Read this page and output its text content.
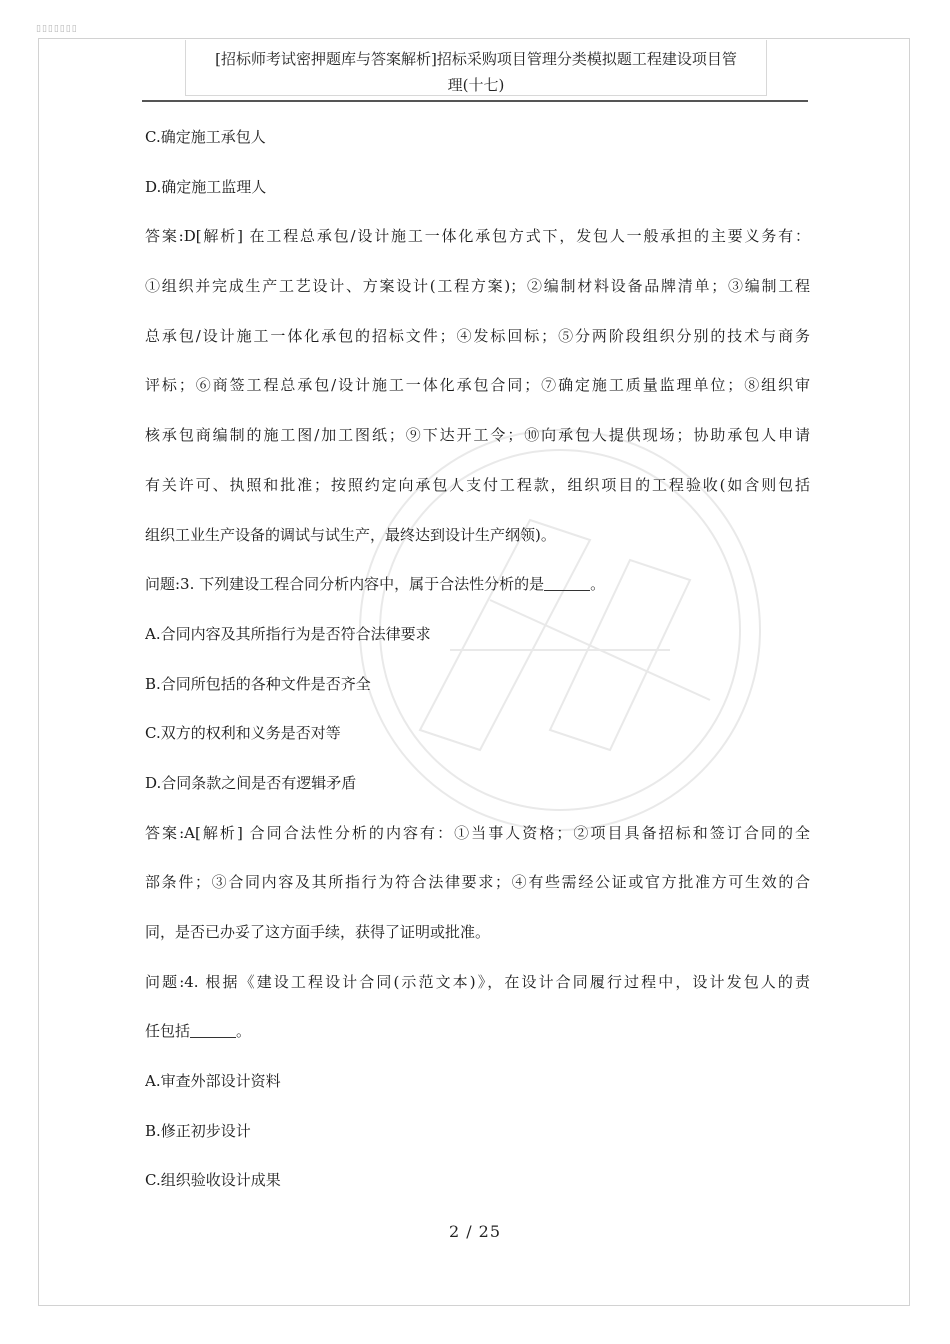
▯▯▯▯▯▯▯
[招标师考试密押题库与答案解析]招标采购项目管理分类模拟题工程建设项目管
理(十七)
C.确定施工承包人
D.确定施工监理人
答案:D[解析] 在工程总承包/设计施工一体化承包方式下，发包人一般承担的主要义务有：
①组织并完成生产工艺设计、方案设计(工程方案)；②编制材料设备品牌清单；③编制工程
总承包/设计施工一体化承包的招标文件；④发标回标；⑤分两阶段组织分别的技术与商务
评标；⑥商签工程总承包/设计施工一体化承包合同；⑦确定施工质量监理单位；⑧组织审
核承包商编制的施工图/加工图纸；⑨下达开工令；⑩向承包人提供现场；协助承包人申请
有关许可、执照和批准；按照约定向承包人支付工程款，组织项目的工程验收(如含则包括
组织工业生产设备的调试与试生产，最终达到设计生产纲领)。
问题:3. 下列建设工程合同分析内容中，属于合法性分析的是	。
A.合同内容及其所指行为是否符合法律要求
B.合同所包括的各种文件是否齐全
C.双方的权利和义务是否对等
D.合同条款之间是否有逻辑矛盾
答案:A[解析] 合同合法性分析的内容有：①当事人资格；②项目具备招标和签订合同的全
部条件；③合同内容及其所指行为符合法律要求；④有些需经公证或官方批准方可生效的合
同，是否已办妥了这方面手续，获得了证明或批准。
问题:4. 根据《建设工程设计合同(示范文本)》，在设计合同履行过程中，设计发包人的责
任包括	。
A.审查外部设计资料
B.修正初步设计
C.组织验收设计成果
2 / 25
